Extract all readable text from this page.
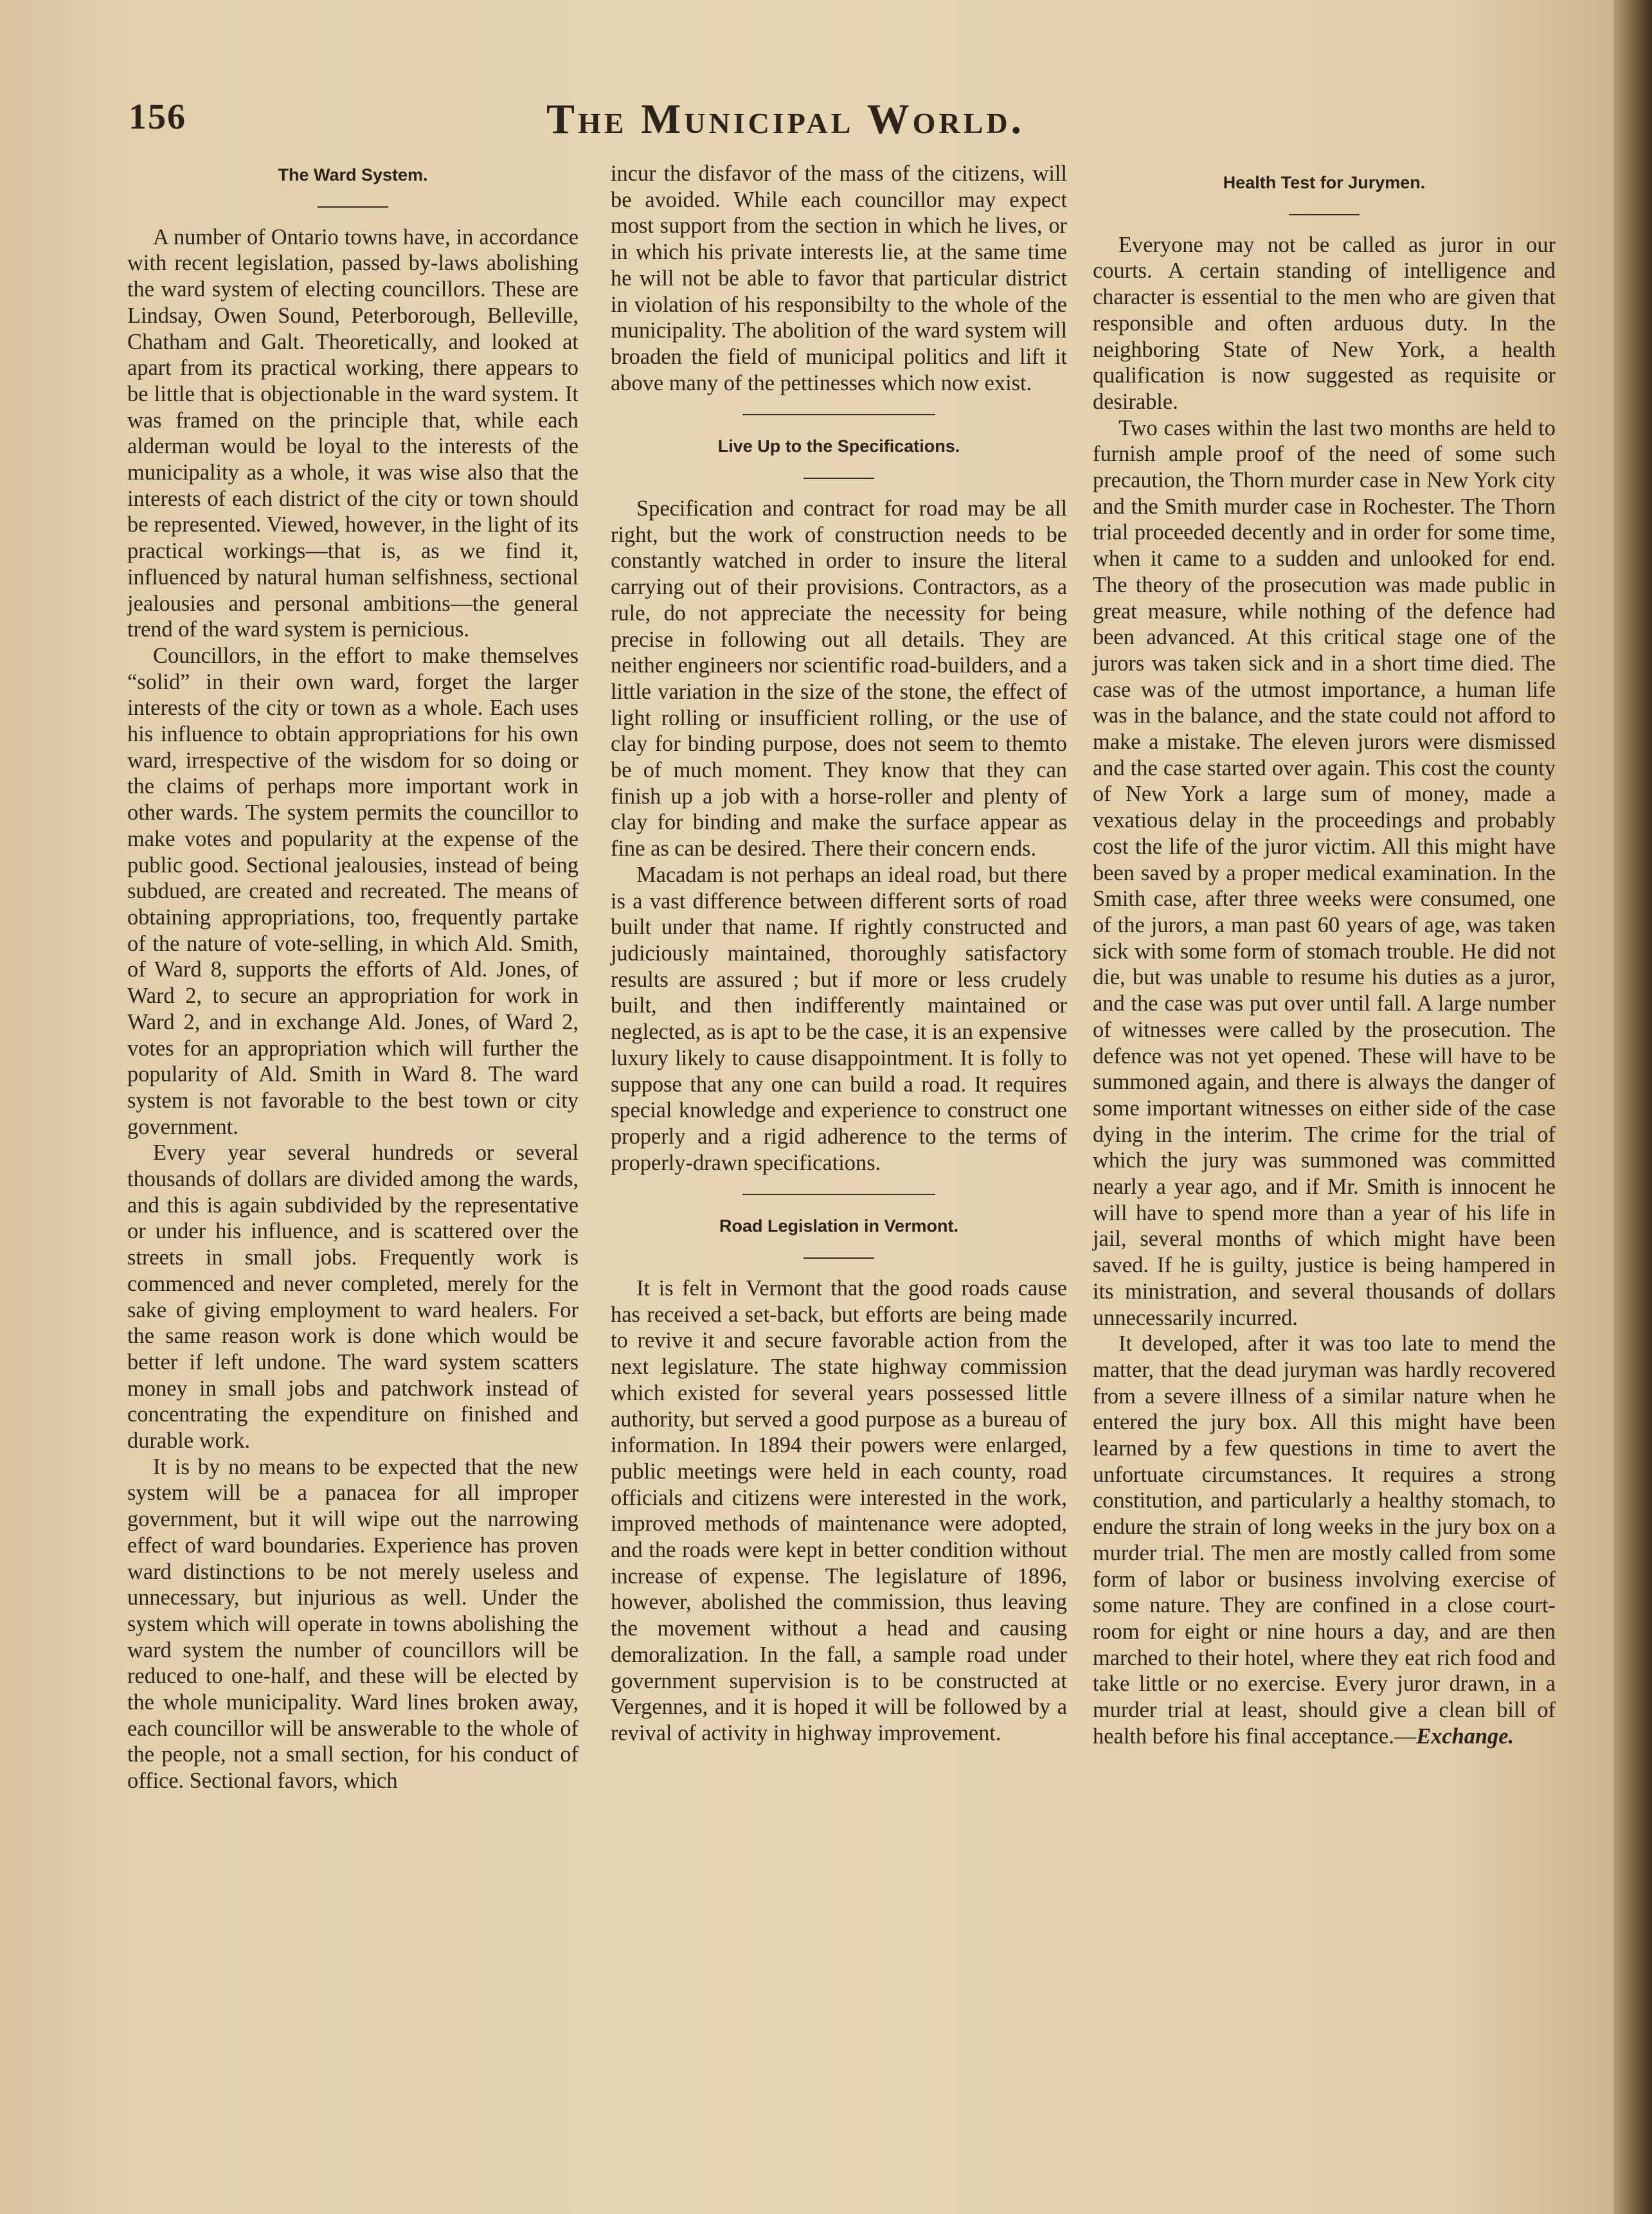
156	The Municipal World.
The Ward System.

A number of Ontario towns have, in accordance with recent legislation, passed by-laws abolishing the ward system of electing councillors. These are Lindsay, Owen Sound, Peterborough, Belleville, Chatham and Galt. Theoretically, and looked at apart from its practical working, there appears to be little that is objectionable in the ward system. It was framed on the principle that, while each alderman would be loyal to the interests of the municipality as a whole, it was wise also that the interests of each district of the city or town should be represented. Viewed, however, in the light of its practical workings—that is, as we find it, influenced by natural human selfishness, sectional jealousies and personal ambitions—the general trend of the ward system is pernicious.

Councillors, in the effort to make themselves “solid” in their own ward, forget the larger interests of the city or town as a whole. Each uses his influence to obtain appropriations for his own ward, irrespective of the wisdom for so doing or the claims of perhaps more important work in other wards. The system permits the councillor to make votes and popularity at the expense of the public good. Sectional jealousies, instead of being subdued, are created and recreated. The means of obtaining appropriations, too, frequently partake of the nature of vote-selling, in which Ald. Smith, of Ward 8, supports the efforts of Ald. Jones, of Ward 2, to secure an appropriation for work in Ward 2, and in exchange Ald. Jones, of Ward 2, votes for an appropriation which will further the popularity of Ald. Smith in Ward 8. The ward system is not favorable to the best town or city government.

Every year several hundreds or several thousands of dollars are divided among the wards, and this is again subdivided by the representative or under his influence, and is scattered over the streets in small jobs. Frequently work is commenced and never completed, merely for the sake of giving employment to ward healers. For the same reason work is done which would be better if left undone. The ward system scatters money in small jobs and patchwork instead of concentrating the expenditure on finished and durable work.

It is by no means to be expected that the new system will be a panacea for all improper government, but it will wipe out the narrowing effect of ward boundaries. Experience has proven ward distinctions to be not merely useless and unnecessary, but injurious as well. Under the system which will operate in towns abolishing the ward system the number of councillors will be reduced to one-half, and these will be elected by the whole municipality. Ward lines broken away, each councillor will be answerable to the whole of the people, not a small section, for his conduct of office. Sectional favors, which

incur the disfavor of the mass of the citizens, will be avoided. While each councillor may expect most support from the section in which he lives, or in which his private interests lie, at the same time he will not be able to favor that particular district in violation of his responsibilty to the whole of the municipality. The abolition of the ward system will broaden the field of municipal politics and lift it above many of the pettinesses which now exist.

Live Up to the Specifications.

Specification and contract for road may be all right, but the work of construction needs to be constantly watched in order to insure the literal carrying out of their provisions. Contractors, as a rule, do not appreciate the necessity for being precise in following out all details. They are neither engineers nor scientific road-builders, and a little variation in the size of the stone, the effect of light rolling or insufficient rolling, or the use of clay for binding purpose, does not seem to themto be of much moment. They know that they can finish up a job with a horse-roller and plenty of clay for binding and make the surface appear as fine as can be desired. There their concern ends.

Macadam is not perhaps an ideal road, but there is a vast difference between different sorts of road built under that name. If rightly constructed and judiciously maintained, thoroughly satisfactory results are assured ; but if more or less crudely built, and then indifferently maintained or neglected, as is apt to be the case, it is an expensive luxury likely to cause disappointment. It is folly to suppose that any one can build a road. It requires special knowledge and experience to construct one properly and a rigid adherence to the terms of properly-drawn specifications.

Road Legislation in Vermont.

It is felt in Vermont that the good roads cause has received a set-back, but efforts are being made to revive it and secure favorable action from the next legislature. The state highway commission which existed for several years possessed little authority, but served a good purpose as a bureau of information. In 1894 their powers were enlarged, public meetings were held in each county, road officials and citizens were interested in the work, improved methods of maintenance were adopted, and the roads were kept in better condition without increase of expense. The legislature of 1896, however, abolished the commission, thus leaving the movement without a head and causing demoralization. In the fall, a sample road under government supervision is to be constructed at Vergennes, and it is hoped it will be followed by a revival of activity in highway improvement.

Health Test for Jurymen.

Everyone may not be called as juror in our courts. A certain standing of intelligence and character is essential to the men who are given that responsible and often arduous duty. In the neighboring State of New York, a health qualification is now suggested as requisite or desirable.

Two cases within the last two months are held to furnish ample proof of the need of some such precaution, the Thorn murder case in New York city and the Smith murder case in Rochester. The Thorn trial proceeded decently and in order for some time, when it came to a sudden and unlooked for end. The theory of the prosecution was made public in great measure, while nothing of the defence had been advanced. At this critical stage one of the jurors was taken sick and in a short time died. The case was of the utmost importance, a human life was in the balance, and the state could not afford to make a mistake. The eleven jurors were dismissed and the case started over again. This cost the county of New York a large sum of money, made a vexatious delay in the proceedings and probably cost the life of the juror victim. All this might have been saved by a proper medical examination. In the Smith case, after three weeks were consumed, one of the jurors, a man past 60 years of age, was taken sick with some form of stomach trouble. He did not die, but was unable to resume his duties as a juror, and the case was put over until fall. A large number of witnesses were called by the prosecution. The defence was not yet opened. These will have to be summoned again, and there is always the danger of some important witnesses on either side of the case dying in the interim. The crime for the trial of which the jury was summoned was committed nearly a year ago, and if Mr. Smith is innocent he will have to spend more than a year of his life in jail, several months of which might have been saved. If he is guilty, justice is being hampered in its ministration, and several thousands of dollars unnecessarily incurred.

It developed, after it was too late to mend the matter, that the dead juryman was hardly recovered from a severe illness of a similar nature when he entered the jury box. All this might have been learned by a few questions in time to avert the unfortuate circumstances. It requires a strong constitution, and particularly a healthy stomach, to endure the strain of long weeks in the jury box on a murder trial. The men are mostly called from some form of labor or business involving exercise of some nature. They are confined in a close court-room for eight or nine hours a day, and are then marched to their hotel, where they eat rich food and take little or no exercise. Every juror drawn, in a murder trial at least, should give a clean bill of health before his final acceptance.—Exchange.
